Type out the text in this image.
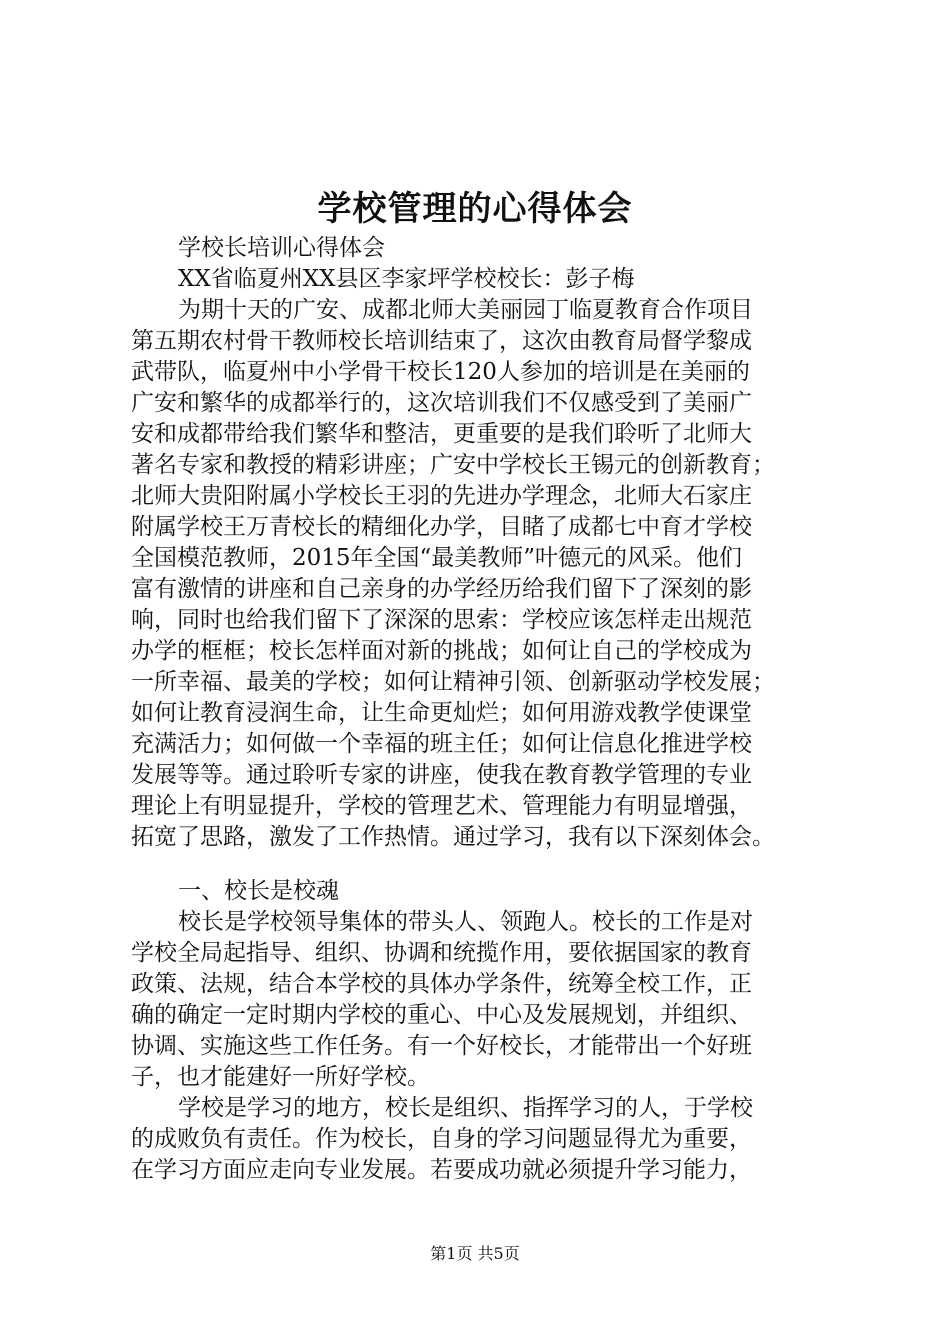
学校管理的心得体会
学校长培训心得体会
XX省临夏州XX县区李家坪学校校长：彭子梅
为期十天的广安、成都北师大美丽园丁临夏教育合作项目
第五期农村骨干教师校长培训结束了，这次由教育局督学黎成
武带队，临夏州中小学骨干校长120人参加的培训是在美丽的
广安和繁华的成都举行的，这次培训我们不仅感受到了美丽广
安和成都带给我们繁华和整洁，更重要的是我们聆听了北师大
著名专家和教授的精彩讲座；广安中学校长王锡元的创新教育；
北师大贵阳附属小学校长王羽的先进办学理念，北师大石家庄
附属学校王万青校长的精细化办学，目睹了成都七中育才学校
全国模范教师，2015年全国“最美教师”叶德元的风采。他们
富有激情的讲座和自己亲身的办学经历给我们留下了深刻的影
响，同时也给我们留下了深深的思索：学校应该怎样走出规范
办学的框框；校长怎样面对新的挑战；如何让自己的学校成为
一所幸福、最美的学校；如何让精神引领、创新驱动学校发展；
如何让教育浸润生命，让生命更灿烂；如何用游戏教学使课堂
充满活力；如何做一个幸福的班主任；如何让信息化推进学校
发展等等。通过聆听专家的讲座，使我在教育教学管理的专业
理论上有明显提升，学校的管理艺术、管理能力有明显增强，
拓宽了思路，激发了工作热情。通过学习，我有以下深刻体会。
一、校长是校魂
校长是学校领导集体的带头人、领跑人。校长的工作是对
学校全局起指导、组织、协调和统揽作用，要依据国家的教育
政策、法规，结合本学校的具体办学条件，统筹全校工作，正
确的确定一定时期内学校的重心、中心及发展规划，并组织、
协调、实施这些工作任务。有一个好校长，才能带出一个好班
子，也才能建好一所好学校。
学校是学习的地方，校长是组织、指挥学习的人，于学校
的成败负有责任。作为校长，自身的学习问题显得尤为重要，
在学习方面应走向专业发展。若要成功就必须提升学习能力，
第1页 共5页
